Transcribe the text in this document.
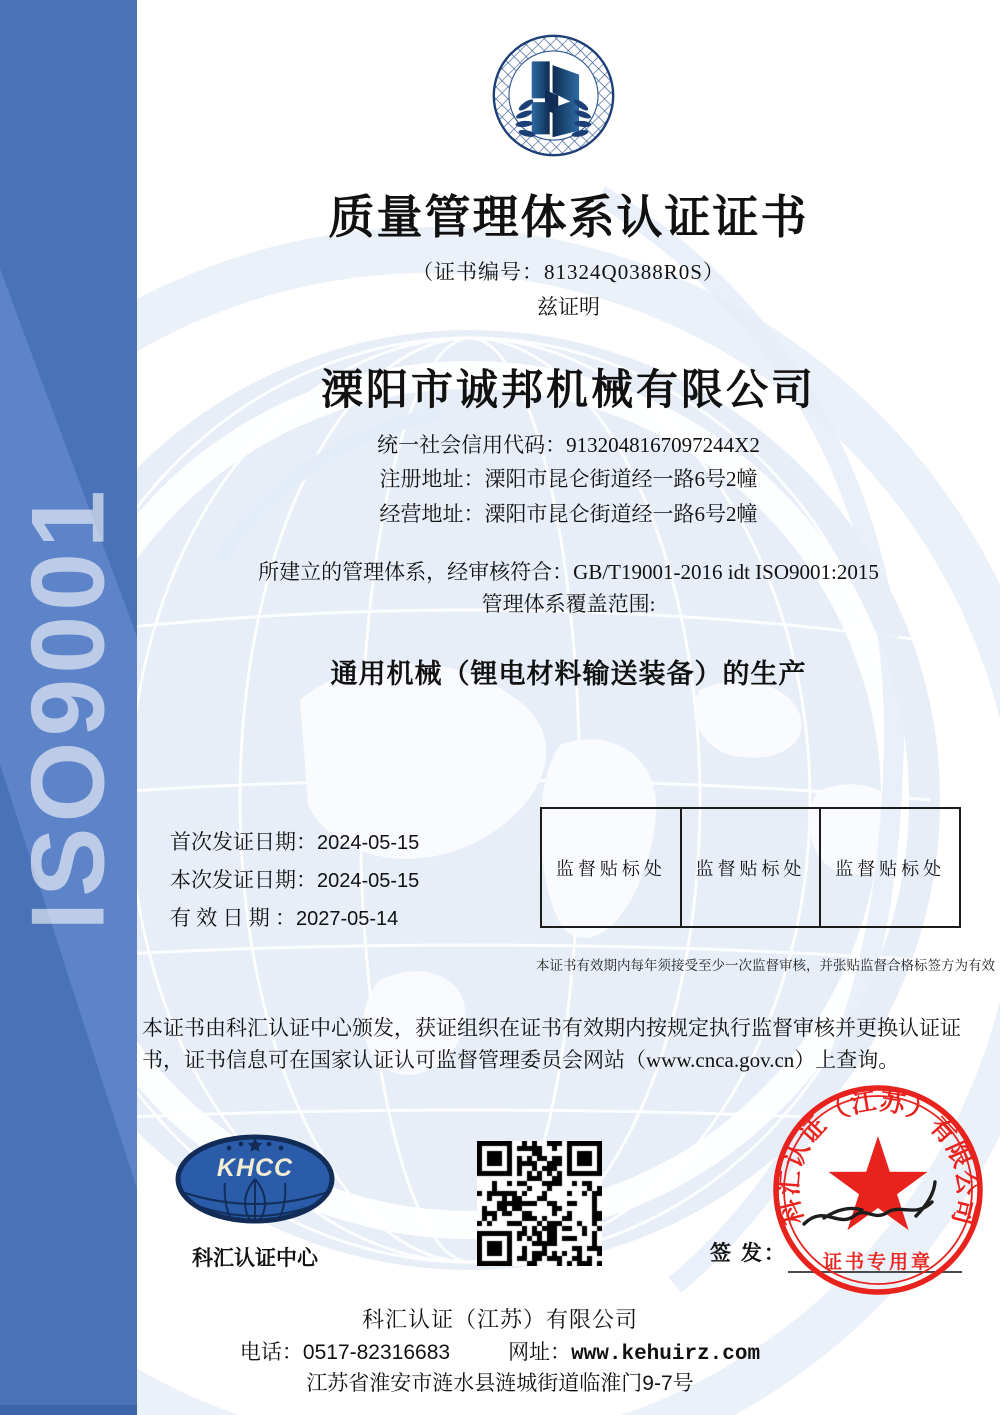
ISO9001
质量管理体系认证证书
（证书编号：81324Q0388R0S）
兹证明
溧阳市诚邦机械有限公司
统一社会信用代码：9132048167097244X2
注册地址：溧阳市昆仑街道经一路6号2幢
经营地址：溧阳市昆仑街道经一路6号2幢
所建立的管理体系，经审核符合：GB/T19001-2016 idt ISO9001:2015
管理体系覆盖范围:
通用机械（锂电材料输送装备）的生产
首次发证日期：2024-05-15
本次发证日期：2024-05-15
有 效 日 期 ：2027-05-14
监督贴标处	监督贴标处	监督贴标处
本证书有效期内每年须接受至少一次监督审核，并张贴监督合格标签方为有效
本证书由科汇认证中心颁发，获证组织在证书有效期内按规定执行监督审核并更换认证证书，证书信息可在国家认证认可监督管理委员会网站（www.cnca.gov.cn）上查询。
KHCC
科汇认证中心	签 发：
科汇认证（江苏）有限公司
证书专用章
科汇认证（江苏）有限公司
电话：0517-82316683	网址：www.kehuirz.com
江苏省淮安市涟水县涟城街道临淮门9-7号
